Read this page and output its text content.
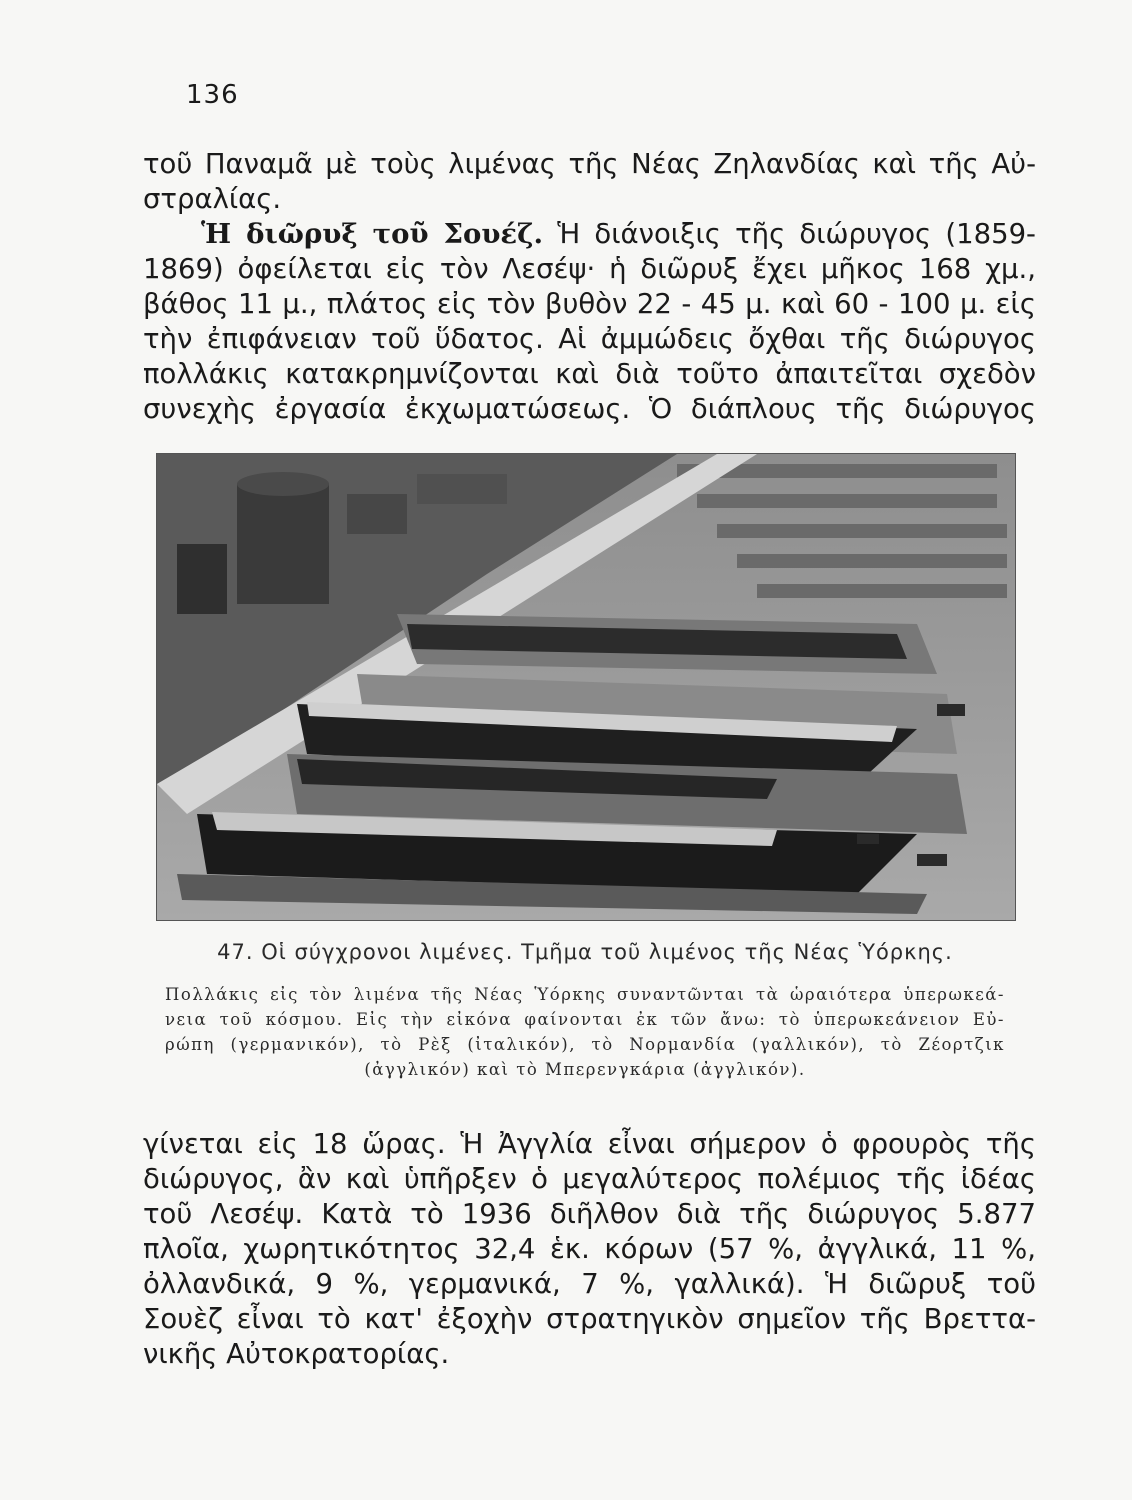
136
τοῦ Παναμᾶ μὲ τοὺς λιμένας τῆς Νέας Ζηλανδίας καὶ τῆς Αὐ-
στραλίας.
Ἡ διῶρυξ τοῦ Σουέζ. Ἡ διάνοιξις τῆς διώρυγος (1859-
1869) ὀφείλεται εἰς τὸν Λεσέψ· ἡ διῶρυξ ἔχει μῆκος 168 χμ.,
βάθος 11 μ., πλάτος εἰς τὸν βυθὸν 22 - 45 μ. καὶ 60 - 100 μ. εἰς
τὴν ἐπιφάνειαν τοῦ ὕδατος. Αἱ ἀμμώδεις ὄχθαι τῆς διώρυγος
πολλάκις κατακρημνίζονται καὶ διὰ τοῦτο ἀπαιτεῖται σχεδὸν
συνεχὴς ἐργασία ἐκχωματώσεως. Ὁ διάπλους τῆς διώρυγος
47. Οἱ σύγχρονοι λιμένες. Τμῆμα τοῦ λιμένος τῆς Νέας Ὑόρκης.
Πολλάκις εἰς τὸν λιμένα τῆς Νέας Ὑόρκης συναντῶνται τὰ ὡραιότερα ὑπερωκεά-
νεια τοῦ κόσμου. Εἰς τὴν εἰκόνα φαίνονται ἐκ τῶν ἄνω: τὸ ὑπερωκεάνειον Εὐ-
ρώπη (γερμανικόν), τὸ Ρὲξ (ἰταλικόν), τὸ Νορμανδία (γαλλικόν), τὸ Ζέορτζικ
(ἀγγλικόν) καὶ τὸ Μπερενγκάρια (ἀγγλικόν).
γίνεται εἰς 18 ὥρας. Ἡ Ἀγγλία εἶναι σήμερον ὁ φρουρὸς τῆς
διώρυγος, ἂν καὶ ὑπῆρξεν ὁ μεγαλύτερος πολέμιος τῆς ἰδέας
τοῦ Λεσέψ. Κατὰ τὸ 1936 διῆλθον διὰ τῆς διώρυγος 5.877
πλοῖα, χωρητικότητος 32,4 ἑκ. κόρων (57 %, ἀγγλικά, 11 %,
ὀλλανδικά, 9 %, γερμανικά, 7 %, γαλλικά). Ἡ διῶρυξ τοῦ
Σουὲζ εἶναι τὸ κατ' ἐξοχὴν στρατηγικὸν σημεῖον τῆς Βρεττα-
νικῆς Αὐτοκρατορίας.
